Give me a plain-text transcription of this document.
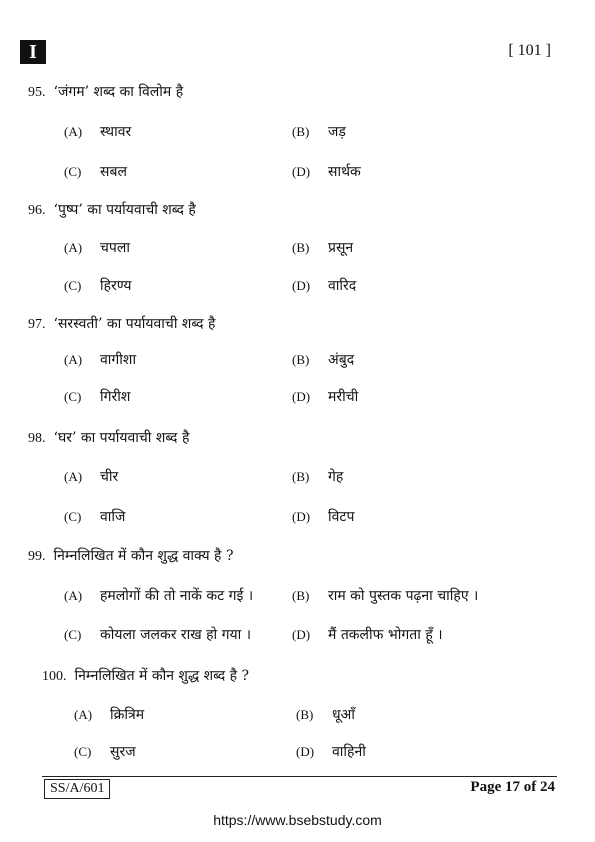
I	[ 101 ]
95. ‘जंगम’ शब्द का विलोम है
(A) स्थावर	(B) जड़
(C) सबल	(D) सार्थक
96. ‘पुष्प’ का पर्यायवाची शब्द है
(A) चपला	(B) प्रसून
(C) हिरण्य	(D) वारिद
97. ‘सरस्वती’ का पर्यायवाची शब्द है
(A) वागीशा	(B) अंबुद
(C) गिरीश	(D) मरीची
98. ‘घर’ का पर्यायवाची शब्द है
(A) चीर	(B) गेह
(C) वाजि	(D) विटप
99. निम्नलिखित में कौन शुद्ध वाक्य है ?
(A) हमलोगों की तो नाकें कट गई ।	(B) राम को पुस्तक पढ़ना चाहिए ।
(C) कोयला जलकर राख हो गया ।	(D) मैं तकलीफ भोगता हूँ ।
100. निम्नलिखित में कौन शुद्ध शब्द है ?
(A) क्रित्रिम	(B) धूआँ
(C) सुरज	(D) वाहिनी
SS/A/601	Page 17 of 24
https://www.bsebstudy.com
